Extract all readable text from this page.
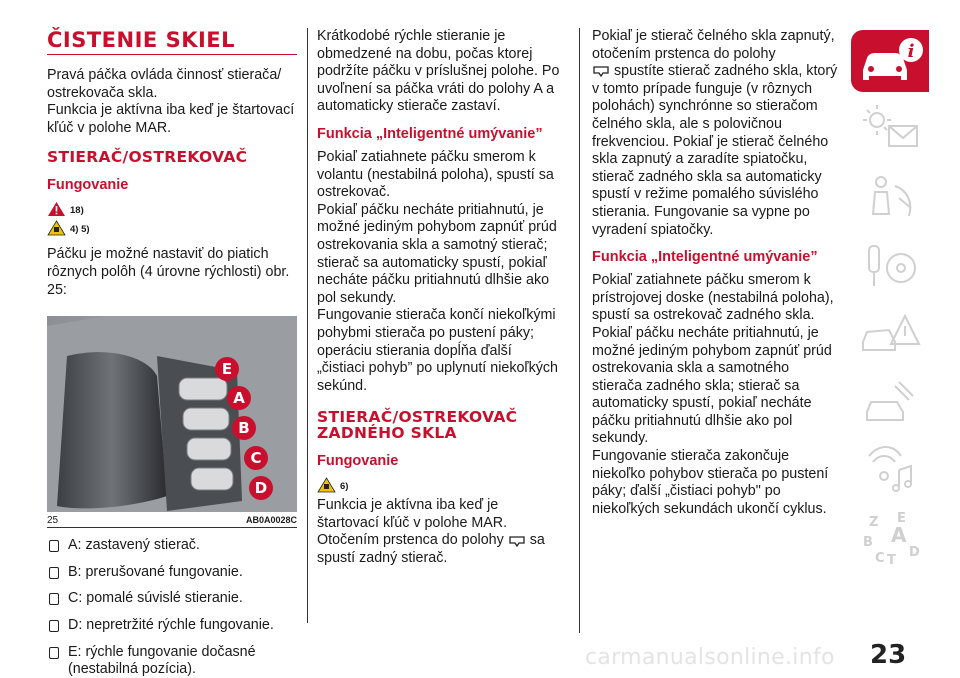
ČISTENIE SKIEL

Pravá páčka ovláda činnosť stierača/ ostrekovača skla.

Funkcia je aktívna iba keď je štartovací kľúč v polohe MAR.

STIERAČ/OSTREKOVAČ
Fungovanie
18)
4) 5)

Páčku je možné nastaviť do piatich rôznych polôh (4 úrovne rýchlosti) obr. 25:

E
A
B
C
D
25	AB0A0028C
A: zastavený stierač.
B: prerušované fungovanie.
C: pomalé súvislé stieranie.
D: nepretržité rýchle fungovanie.
E: rýchle fungovanie dočasné (nestabilná pozícia).

Krátkodobé rýchle stieranie je obmedzené na dobu, počas ktorej podržíte páčku v príslušnej polohe. Po uvoľnení sa páčka vráti do polohy A a automaticky stierače zastaví.

Funkcia „Inteligentné umývanie”

Pokiaľ zatiahnete páčku smerom k volantu (nestabilná poloha), spustí sa ostrekovač.

Pokiaľ páčku necháte pritiahnutú, je možné jediným pohybom zapnúť prúd ostrekovania skla a samotný stierač; stierač sa automaticky spustí, pokiaľ necháte páčku pritiahnutú dlhšie ako pol sekundy.

Fungovanie stierača končí niekoľkými pohybmi stierača po pustení páky; operáciu stierania dopĺňa ďalší „čistiaci pohyb” po uplynutí niekoľkých sekúnd.

STIERAČ/OSTREKOVAČ ZADNÉHO SKLA
Fungovanie
6)

Funkcia je aktívna iba keď je štartovací kľúč v polohe MAR.

Otočením prstenca do polohy sa spustí zadný stierač.

Pokiaľ je stierač čelného skla zapnutý, otočením prstenca do polohy
spustíte stierač zadného skla, ktorý v tomto prípade funguje (v rôznych polohách) synchrónne so stieračom čelného skla, ale s polovičnou frekvenciou. Pokiaľ je stierač čelného skla zapnutý a zaradíte spiatočku, stierač zadného skla sa automaticky spustí v režime pomalého súvislého stierania. Fungovanie sa vypne po vyradení spiatočky.

Funkcia „Inteligentné umývanie”

Pokiaľ zatiahnete páčku smerom k prístrojovej doske (nestabilná poloha), spustí sa ostrekovač zadného skla.

Pokiaľ páčku necháte pritiahnutú, je možné jediným pohybom zapnúť prúd ostrekovania skla a samotného stierača zadného skla; stierač sa automaticky spustí, pokiaľ necháte páčku pritiahnutú dlhšie ako pol sekundy.

Fungovanie stierača zakončuje niekoľko pohybov stierača po pustení páky; ďalší „čistiaci pohyb" po niekoľkých sekundách ukončí cyklus.

i
Z E
B A
C T
D
carmanualsonline.info 23
